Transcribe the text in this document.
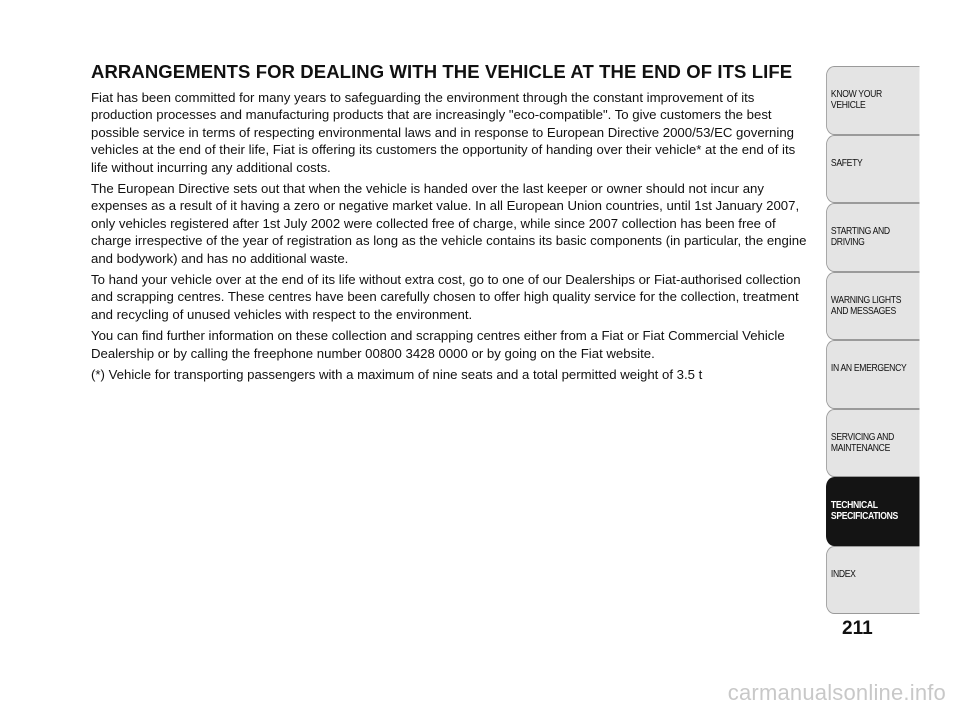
ARRANGEMENTS FOR DEALING WITH THE VEHICLE AT THE END OF ITS LIFE

Fiat has been committed for many years to safeguarding the environment through the constant improvement of its production processes and manufacturing products that are increasingly "eco-compatible". To give customers the best possible service in terms of respecting environmental laws and in response to European Directive 2000/53/EC governing vehicles at the end of their life, Fiat is offering its customers the opportunity of handing over their vehicle* at the end of its life without incurring any additional costs.

The European Directive sets out that when the vehicle is handed over the last keeper or owner should not incur any expenses as a result of it having a zero or negative market value. In all European Union countries, until 1st January 2007, only vehicles registered after 1st July 2002 were collected free of charge, while since 2007 collection has been free of charge irrespective of the year of registration as long as the vehicle contains its basic components (in particular, the engine and bodywork) and has no additional waste.

To hand your vehicle over at the end of its life without extra cost, go to one of our Dealerships or Fiat-authorised collection and scrapping centres. These centres have been carefully chosen to offer high quality service for the collection, treatment and recycling of unused vehicles with respect to the environment.

You can find further information on these collection and scrapping centres either from a Fiat or Fiat Commercial Vehicle Dealership or by calling the freephone number 00800 3428 0000 or by going on the Fiat website.

(*) Vehicle for transporting passengers with a maximum of nine seats and a total permitted weight of 3.5 t

KNOW YOUR
VEHICLE
SAFETY
STARTING AND
DRIVING
WARNING LIGHTS
AND MESSAGES
IN AN EMERGENCY
SERVICING AND
MAINTENANCE
TECHNICAL
SPECIFICATIONS
INDEX
211
carmanualsonline.info
